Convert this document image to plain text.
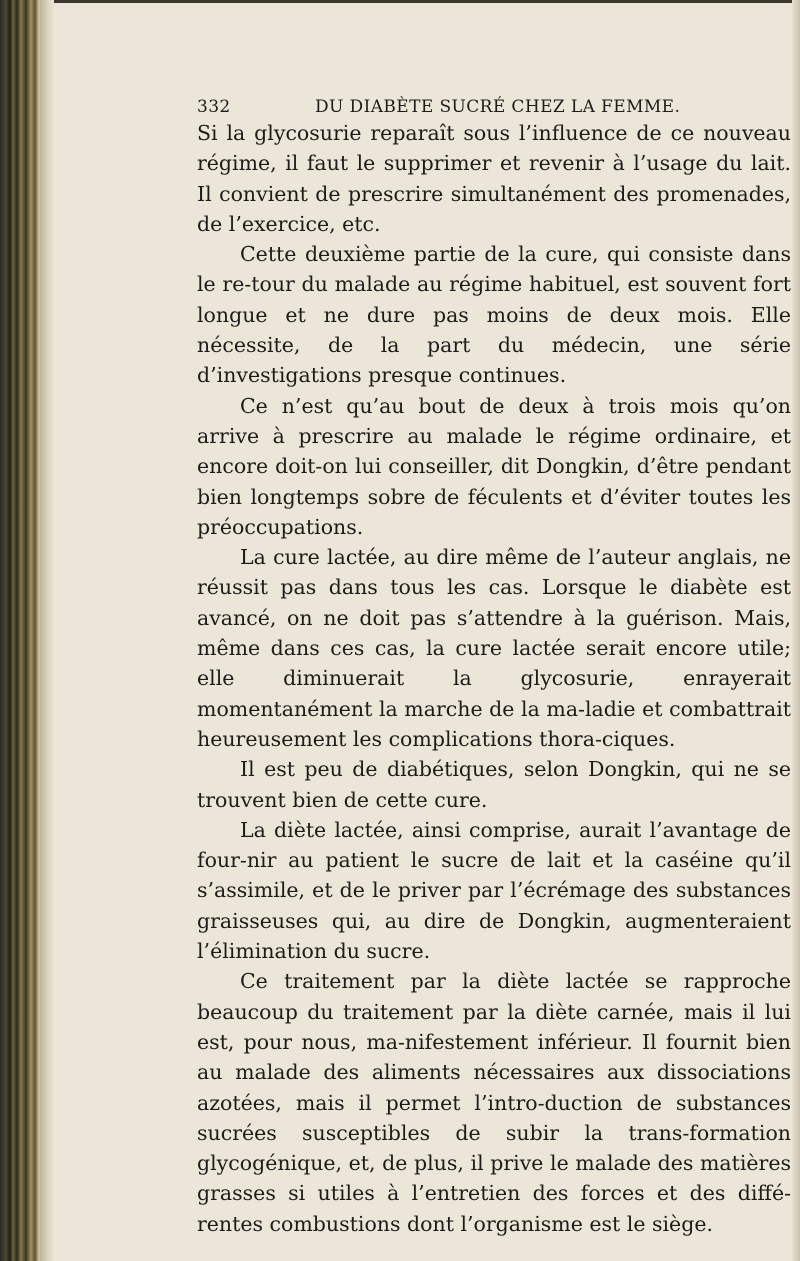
332	DU DIABÈTE SUCRÉ CHEZ LA FEMME.

Si la glycosurie reparaît sous l’influence de ce nouveau régime, il faut le supprimer et revenir à l’usage du lait. Il convient de prescrire simultanément des promenades, de l’exercice, etc.

Cette deuxième partie de la cure, qui consiste dans le re-tour du malade au régime habituel, est souvent fort longue et ne dure pas moins de deux mois. Elle nécessite, de la part du médecin, une série d’investigations presque continues.

Ce n’est qu’au bout de deux à trois mois qu’on arrive à prescrire au malade le régime ordinaire, et encore doit-on lui conseiller, dit Dongkin, d’être pendant bien longtemps sobre de féculents et d’éviter toutes les préoccupations.

La cure lactée, au dire même de l’auteur anglais, ne réussit pas dans tous les cas. Lorsque le diabète est avancé, on ne doit pas s’attendre à la guérison. Mais, même dans ces cas, la cure lactée serait encore utile; elle diminuerait la glycosurie, enrayerait momentanément la marche de la ma-ladie et combattrait heureusement les complications thora-ciques.

Il est peu de diabétiques, selon Dongkin, qui ne se trouvent bien de cette cure.

La diète lactée, ainsi comprise, aurait l’avantage de four-nir au patient le sucre de lait et la caséine qu’il s’assimile, et de le priver par l’écrémage des substances graisseuses qui, au dire de Dongkin, augmenteraient l’élimination du sucre.

Ce traitement par la diète lactée se rapproche beaucoup du traitement par la diète carnée, mais il lui est, pour nous, ma-nifestement inférieur. Il fournit bien au malade des aliments nécessaires aux dissociations azotées, mais il permet l’intro-duction de substances sucrées susceptibles de subir la trans-formation glycogénique, et, de plus, il prive le malade des matières grasses si utiles à l’entretien des forces et des diffé-rentes combustions dont l’organisme est le siège.
